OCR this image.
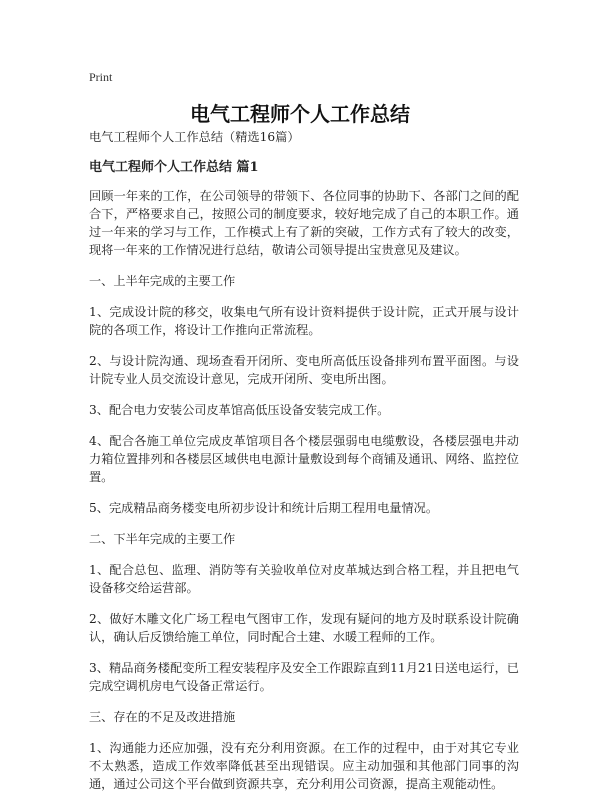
Print
电气工程师个人工作总结

电气工程师个人工作总结（精选16篇）

电气工程师个人工作总结 篇1

回顾一年来的工作，在公司领导的带领下、各位同事的协助下、各部门之间的配合下，严格要求自己，按照公司的制度要求，较好地完成了自己的本职工作。通过一年来的学习与工作，工作模式上有了新的突破，工作方式有了较大的改变，现将一年来的工作情况进行总结，敬请公司领导提出宝贵意见及建议。

一、上半年完成的主要工作

1、完成设计院的移交，收集电气所有设计资料提供于设计院，正式开展与设计院的各项工作，将设计工作推向正常流程。

2、与设计院沟通、现场查看开闭所、变电所高低压设备排列布置平面图。与设计院专业人员交流设计意见，完成开闭所、变电所出图。

3、配合电力安装公司皮革馆高低压设备安装完成工作。

4、配合各施工单位完成皮革馆项目各个楼层强弱电电缆敷设，各楼层强电井动力箱位置排列和各楼层区域供电电源计量敷设到每个商铺及通讯、网络、监控位置。

5、完成精品商务楼变电所初步设计和统计后期工程用电量情况。

二、下半年完成的主要工作

1、配合总包、监理、消防等有关验收单位对皮革城达到合格工程，并且把电气设备移交给运营部。

2、做好木雕文化广场工程电气图审工作，发现有疑问的地方及时联系设计院确认，确认后反馈给施工单位，同时配合土建、水暖工程师的工作。

3、精品商务楼配变所工程安装程序及安全工作跟踪直到11月21日送电运行，已完成空调机房电气设备正常运行。

三、存在的不足及改进措施

1、沟通能力还应加强，没有充分利用资源。在工作的过程中，由于对其它专业不太熟悉，造成工作效率降低甚至出现错误。应主动加强和其他部门同事的沟通，通过公司这个平台做到资源共享，充分利用公司资源，提高主观能动性。
